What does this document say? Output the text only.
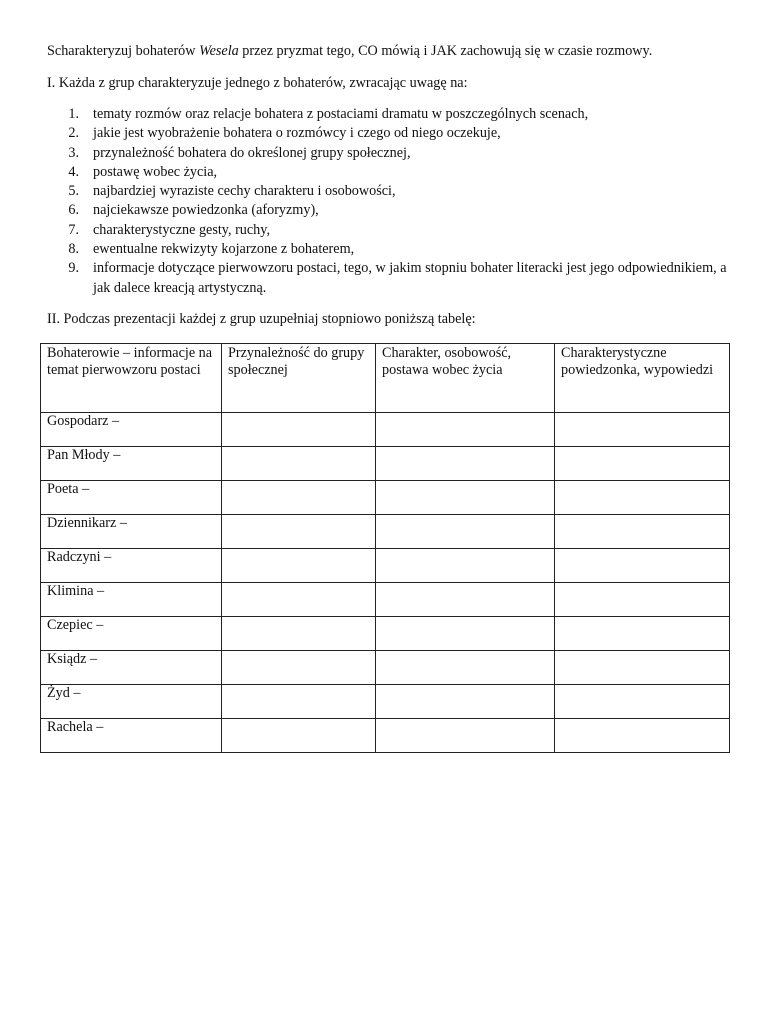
Scharakteryzuj bohaterów Wesela przez pryzmat tego, CO mówią i JAK zachowują się w czasie rozmowy.

I. Każda z grup charakteryzuje jednego z bohaterów, zwracając uwagę na:

1. tematy rozmów oraz relacje bohatera z postaciami dramatu w poszczególnych scenach,
2. jakie jest wyobrażenie bohatera o rozmówcy i czego od niego oczekuje,
3. przynależność bohatera do określonej grupy społecznej,
4. postawę wobec życia,
5. najbardziej wyraziste cechy charakteru i osobowości,
6. najciekawsze powiedzonka (aforyzmy),
7. charakterystyczne gesty, ruchy,
8. ewentualne rekwizyty kojarzone z bohaterem,
9. informacje dotyczące pierwowzoru postaci, tego, w jakim stopniu bohater literacki jest jego odpowiednikiem, a jak dalece kreacją artystyczną.

II. Podczas prezentacji każdej z grup uzupełniaj stopniowo poniższą tabelę:

Bohaterowie – informacje na temat pierwowzoru postaci	Przynależność do grupy społecznej	Charakter, osobowość, postawa wobec życia	Charakterystyczne powiedzonka, wypowiedzi
Gospodarz –			
Pan Młody –			
Poeta –			
Dziennikarz –			
Radczyni –			
Klimina –			
Czepiec –			
Ksiądz –			
Żyd –			
Rachela –			
